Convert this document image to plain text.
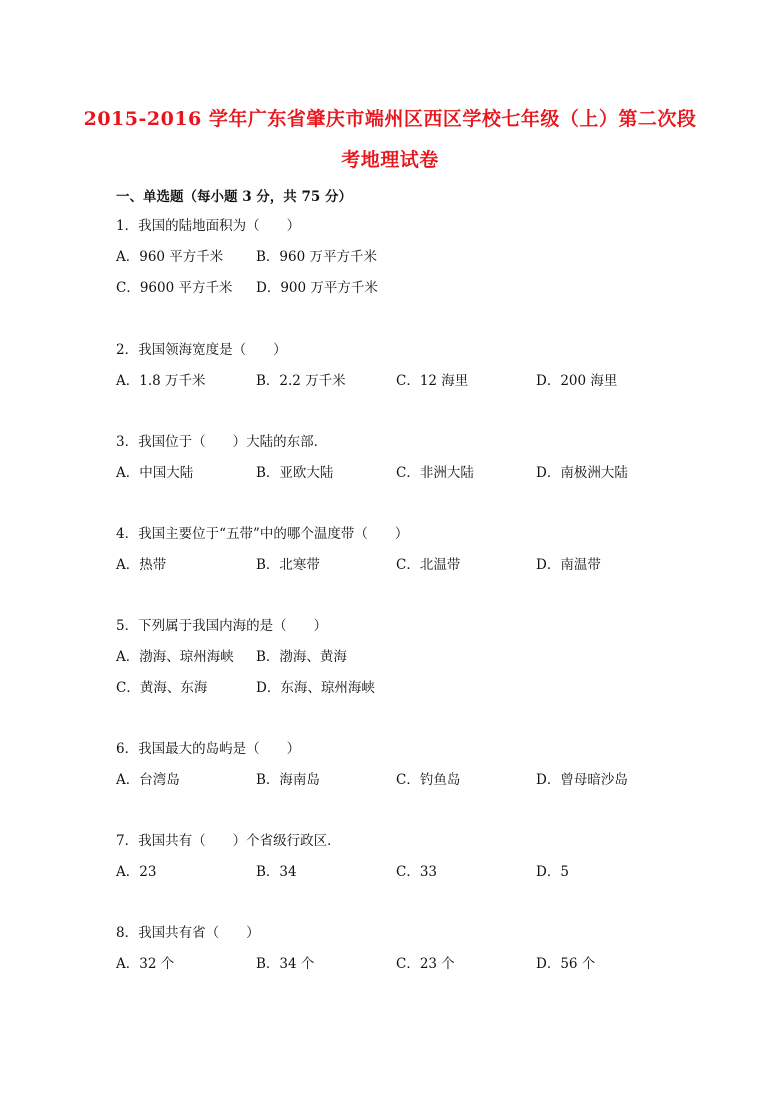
2015-2016 学年广东省肇庆市端州区西区学校七年级（上）第二次段
考地理试卷
一、单选题（每小题 3 分，共 75 分）
1．我国的陆地面积为（　　）
A．960 平方千米 B．960 万平方千米
C．9600 平方千米 D．900 万平方千米
2．我国领海宽度是（　　）
A．1.8 万千米	B．2.2 万千米	C．12 海里	D．200 海里
3．我国位于（　　）大陆的东部．
A．中国大陆	B．亚欧大陆	C．非洲大陆	D．南极洲大陆
4．我国主要位于“五带”中的哪个温度带（　　）
A．热带	B．北寒带	C．北温带	D．南温带
5．下列属于我国内海的是（　　）
A．渤海、琼州海峡 B．渤海、黄海
C．黄海、东海	D．东海、琼州海峡
6．我国最大的岛屿是（　　）
A．台湾岛	B．海南岛	C．钓鱼岛	D．曾母暗沙岛
7．我国共有（　　）个省级行政区．
A．23	B．34	C．33	D．5
8．我国共有省（　　）
A．32 个	B．34 个	C．23 个	D．56 个
